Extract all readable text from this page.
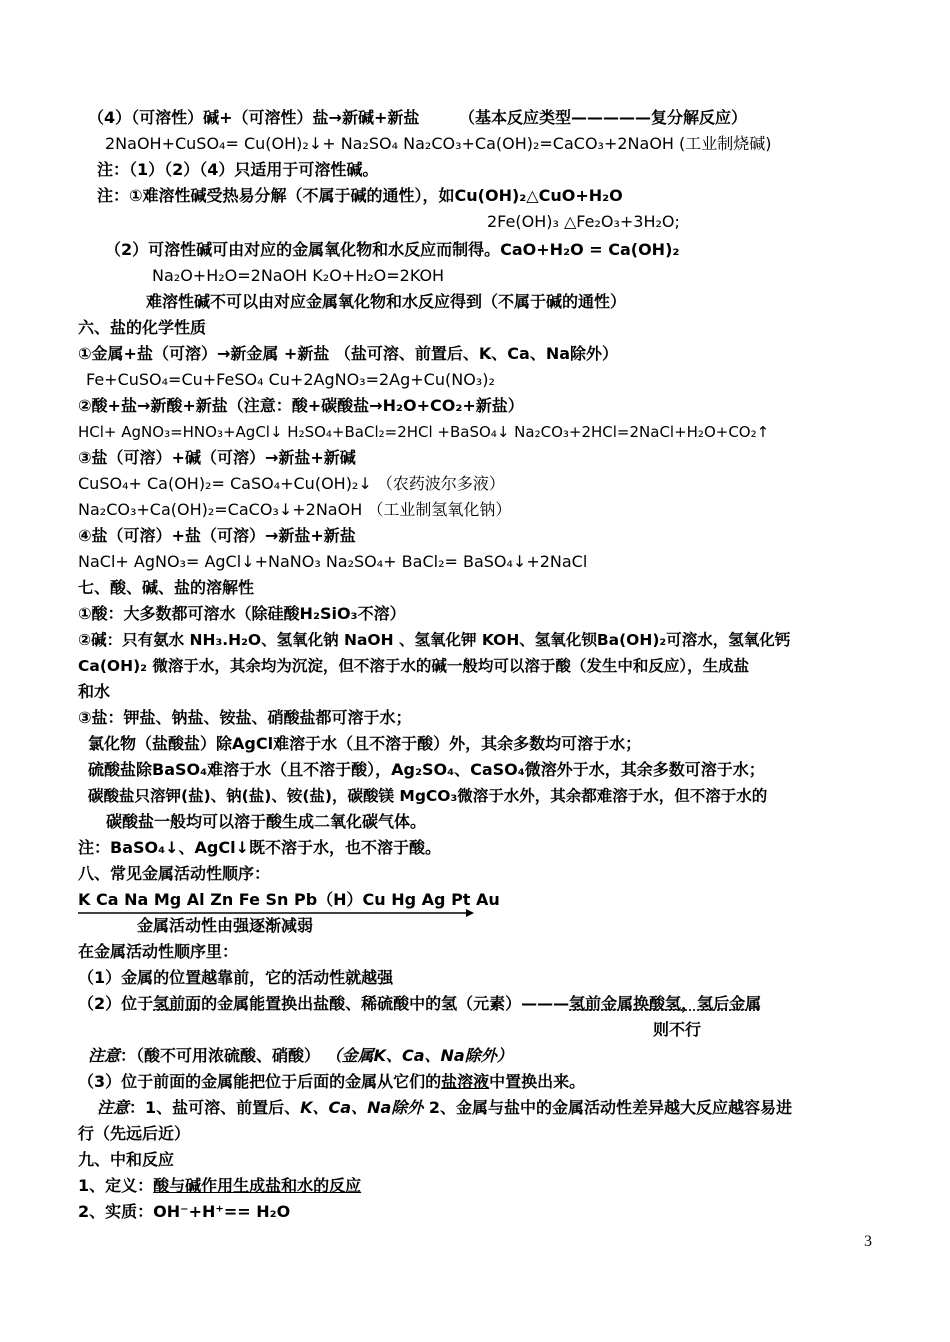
（4）（可溶性）碱+（可溶性）盐→新碱+新盐 （基本反应类型—————复分解反应）
2NaOH+CuSO₄= Cu(OH)₂↓+ Na₂SO₄ Na₂CO₃+Ca(OH)₂=CaCO₃+2NaOH (工业制烧碱)
注：（1）（2）（4）只适用于可溶性碱。
注：①难溶性碱受热易分解（不属于碱的通性），如Cu(OH)₂△CuO+H₂O
2Fe(OH)₃ △Fe₂O₃+3H₂O;
（2）可溶性碱可由对应的金属氧化物和水反应而制得。CaO+H₂O = Ca(OH)₂
Na₂O+H₂O=2NaOH K₂O+H₂O=2KOH
难溶性碱不可以由对应金属氧化物和水反应得到（不属于碱的通性）
六、盐的化学性质
①金属+盐（可溶）→新金属 +新盐 （盐可溶、前置后、K、Ca、Na除外）
Fe+CuSO₄=Cu+FeSO₄ Cu+2AgNO₃=2Ag+Cu(NO₃)₂
②酸+盐→新酸+新盐（注意：酸+碳酸盐→H₂O+CO₂+新盐）
HCl+ AgNO₃=HNO₃+AgCl↓ H₂SO₄+BaCl₂=2HCl +BaSO₄↓ Na₂CO₃+2HCl=2NaCl+H₂O+CO₂↑
③盐（可溶）+碱（可溶）→新盐+新碱
CuSO₄+ Ca(OH)₂= CaSO₄+Cu(OH)₂↓ （农药波尔多液）
Na₂CO₃+Ca(OH)₂=CaCO₃↓+2NaOH （工业制氢氧化钠）
④盐（可溶）+盐（可溶）→新盐+新盐
NaCl+ AgNO₃= AgCl↓+NaNO₃ Na₂SO₄+ BaCl₂= BaSO₄↓+2NaCl
七、酸、碱、盐的溶解性
①酸：大多数都可溶水（除硅酸H₂SiO₃不溶）
②碱：只有氨水 NH₃.H₂O、氢氧化钠 NaOH 、氢氧化钾 KOH、氢氧化钡Ba(OH)₂可溶水，氢氧化钙
Ca(OH)₂ 微溶于水，其余均为沉淀，但不溶于水的碱一般均可以溶于酸（发生中和反应），生成盐
和水
③盐：钾盐、钠盐、铵盐、硝酸盐都可溶于水；
氯化物（盐酸盐）除AgCl难溶于水（且不溶于酸）外，其余多数均可溶于水；
硫酸盐除BaSO₄难溶于水（且不溶于酸），Ag₂SO₄、CaSO₄微溶外于水，其余多数可溶于水；
碳酸盐只溶钾(盐)、钠(盐)、铵(盐)，碳酸镁 MgCO₃微溶于水外，其余都难溶于水，但不溶于水的
碳酸盐一般均可以溶于酸生成二氧化碳气体。
注：BaSO₄↓、AgCl↓既不溶于水，也不溶于酸。
八、常见金属活动性顺序：
K Ca Na Mg Al Zn Fe Sn Pb（H）Cu Hg Ag Pt Au
金属活动性由强逐渐减弱
在金属活动性顺序里：
（1）金属的位置越靠前，它的活动性就越强
（2）位于氢前面的金属能置换出盐酸、稀硫酸中的氢（元素）———氢前金属换酸氢，氢后金属
则不行
注意：（酸不可用浓硫酸、硝酸） （金属K、Ca、Na除外）
（3）位于前面的金属能把位于后面的金属从它们的盐溶液中置换出来。
注意：1、盐可溶、前置后、K、Ca、Na除外 2、金属与盐中的金属活动性差异越大反应越容易进
行（先远后近）
九、中和反应
1、定义：酸与碱作用生成盐和水的反应
2、实质：OH⁻+H⁺== H₂O
3
